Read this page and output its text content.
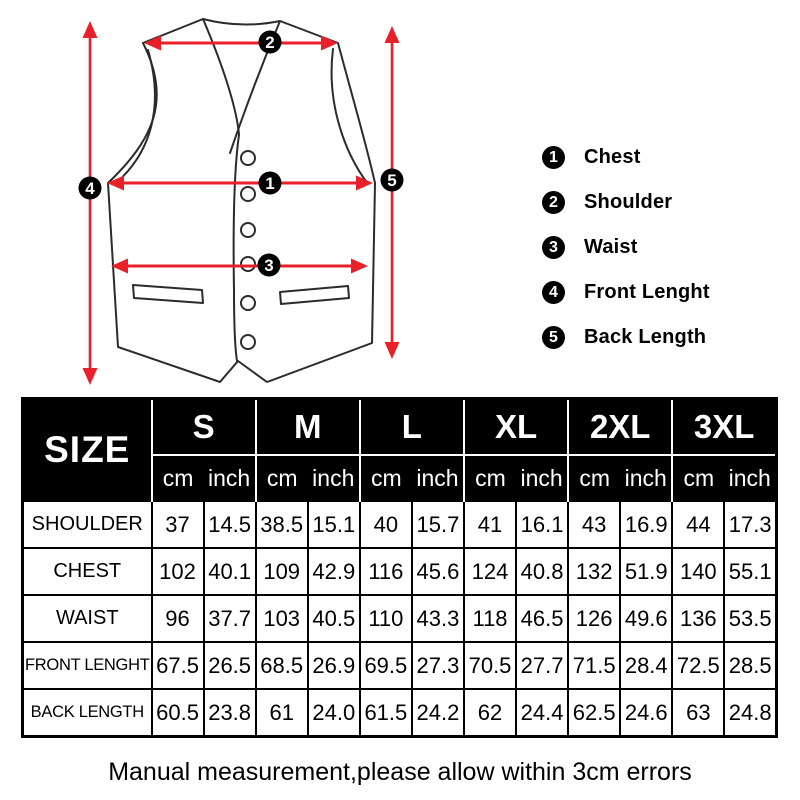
1
2
3
4	5
1	Chest
2	Shoulder
3	Waist
4	Front Lenght
5	Back Length
SIZE	S		M		L		XL		2XL		3XL	
	cm	inch	cm	inch	cm	inch	cm	inch	cm	inch	cm	inch
SHOULDER	37	14.5	38.5	15.1	40	15.7	41	16.1	43	16.9	44	17.3
CHEST	102	40.1	109	42.9	116	45.6	124	40.8	132	51.9	140	55.1
WAIST	96	37.7	103	40.5	110	43.3	118	46.5	126	49.6	136	53.5
FRONT LENGHT	67.5	26.5	68.5	26.9	69.5	27.3	70.5	27.7	71.5	28.4	72.5	28.5
BACK LENGTH	60.5	23.8	61	24.0	61.5	24.2	62	24.4	62.5	24.6	63	24.8
Manual measurement,please allow within 3cm errors
